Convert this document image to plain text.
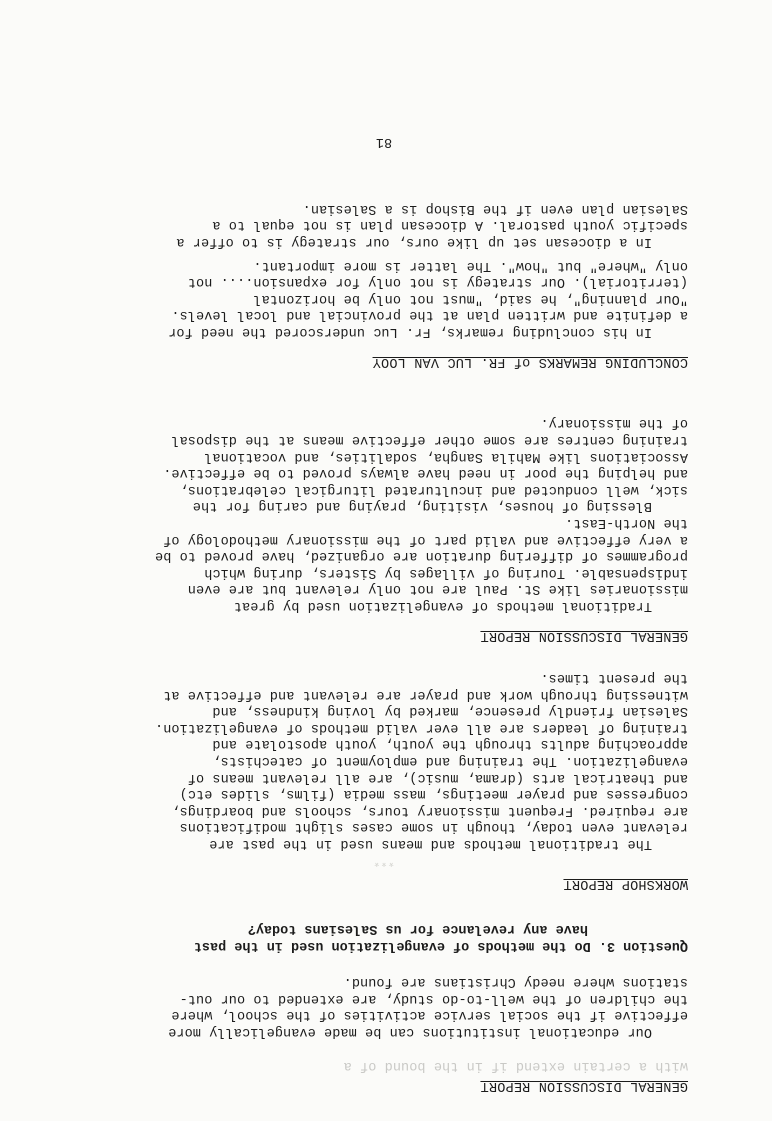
GENERAL DISCUSSION REPORT
with a certain extend if in the bound of a
Our educational institutions can be made evangelically more
effective if the social service activities of the school, where
the children of the well-to-do study, are extended to our out-
stations where needy Christians are found.
Question 3. Do the methods of evangelization used in the past
have any revelance for us Salesians today?
WORKSHOP REPORT
***
The traditional methods and means used in the past are
relevant even today, though in some cases slight modifications
are required. Frequent missionary tours, schools and boardings,
congresses and prayer meetings, mass media (films, slides etc)
and theatrical arts (drama, music), are all relevant means of
evangelization. The training and employment of catechists,
approaching adults through the youth, youth apostolate and
training of leaders are all ever valid methods of evangelization.
Salesian friendly presence, marked by loving kindness, and
witnessing through work and prayer are relevant and effective at
the present times.
GENERAL DISCUSSION REPORT
Traditional methods of evangelization used by great
missionaries like St. Paul are not only relevant but are even
indispensable. Touring of villages by Sisters, during which
programmes of differing duration are organized, have proved to be
a very effective and valid part of the missionary methodology of
the North-East.
Blessing of houses, visiting, praying and caring for the
sick, well conducted and inculturated liturgical celebrations,
and helping the poor in need have always proved to be effective.
Associations like Mahila Sangha, sodalities, and vocational
training centres are some other effective means at the disposal
of the missionary.
CONCLUDING REMARKS of FR. LUC VAN LOOY
In his concluding remarks, Fr. Luc underscored the need for
a definite and written plan at the provincial and local levels.
"Our planning", he said, "must not only be horizontal
(territorial). Our strategy is not only for expansion.... not
only "where" but "how". The latter is more important.
In a diocesan set up like ours, our strategy is to offer a
specific youth pastoral. A diocesan plan is not equal to a
Salesian plan even if the Bishop is a Salesian.
81
